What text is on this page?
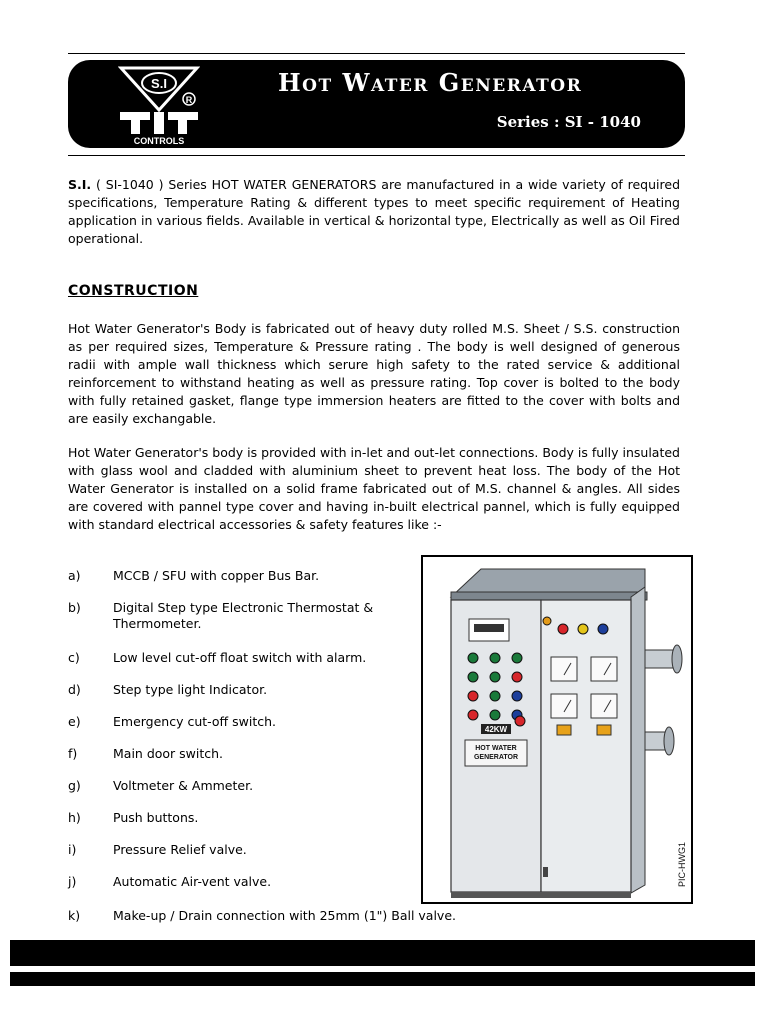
S.I
R
CONTROLS
Hot Water Generator
Series : SI - 1040

S.I. ( SI-1040 ) Series HOT WATER GENERATORS are manufactured in a wide variety of required specifications, Temperature Rating & different types to meet specific requirement of Heating application in various fields. Available in vertical & horizontal type, Electrically as well as Oil Fired operational.

CONSTRUCTION

Hot Water Generator's Body is fabricated out of heavy duty rolled M.S. Sheet / S.S. construction as per required sizes, Temperature & Pressure rating . The body is well designed of generous radii with ample wall thickness which serure high safety to the rated service & additional reinforcement to withstand heating as well as pressure rating. Top cover is bolted to the body with fully retained gasket, flange type immersion heaters are fitted to the cover with bolts and are easily exchangable.

Hot Water Generator's body is provided with in-let and out-let connections. Body is fully insulated with glass wool and cladded with aluminium sheet to prevent heat loss. The body of the Hot Water Generator is installed on a solid frame fabricated out of M.S. channel & angles. All sides are covered with pannel type cover and having in-built electrical pannel, which is fully equipped with standard electrical accessories & safety features like :-

a)	MCCB / SFU with copper Bus Bar.
b)	Digital Step type Electronic Thermostat & Thermometer.
c)	Low level cut-off float switch with alarm.
d)	Step type light Indicator.
e)	Emergency cut-off switch.
f)	Main door switch.
g)	Voltmeter & Ammeter.
h)	Push buttons.
i)	Pressure Relief valve.
j)	Automatic Air-vent valve.
k)	Make-up / Drain connection with 25mm (1") Ball valve.
42KW
HOT WATER
GENERATOR
PIC-HWG1
